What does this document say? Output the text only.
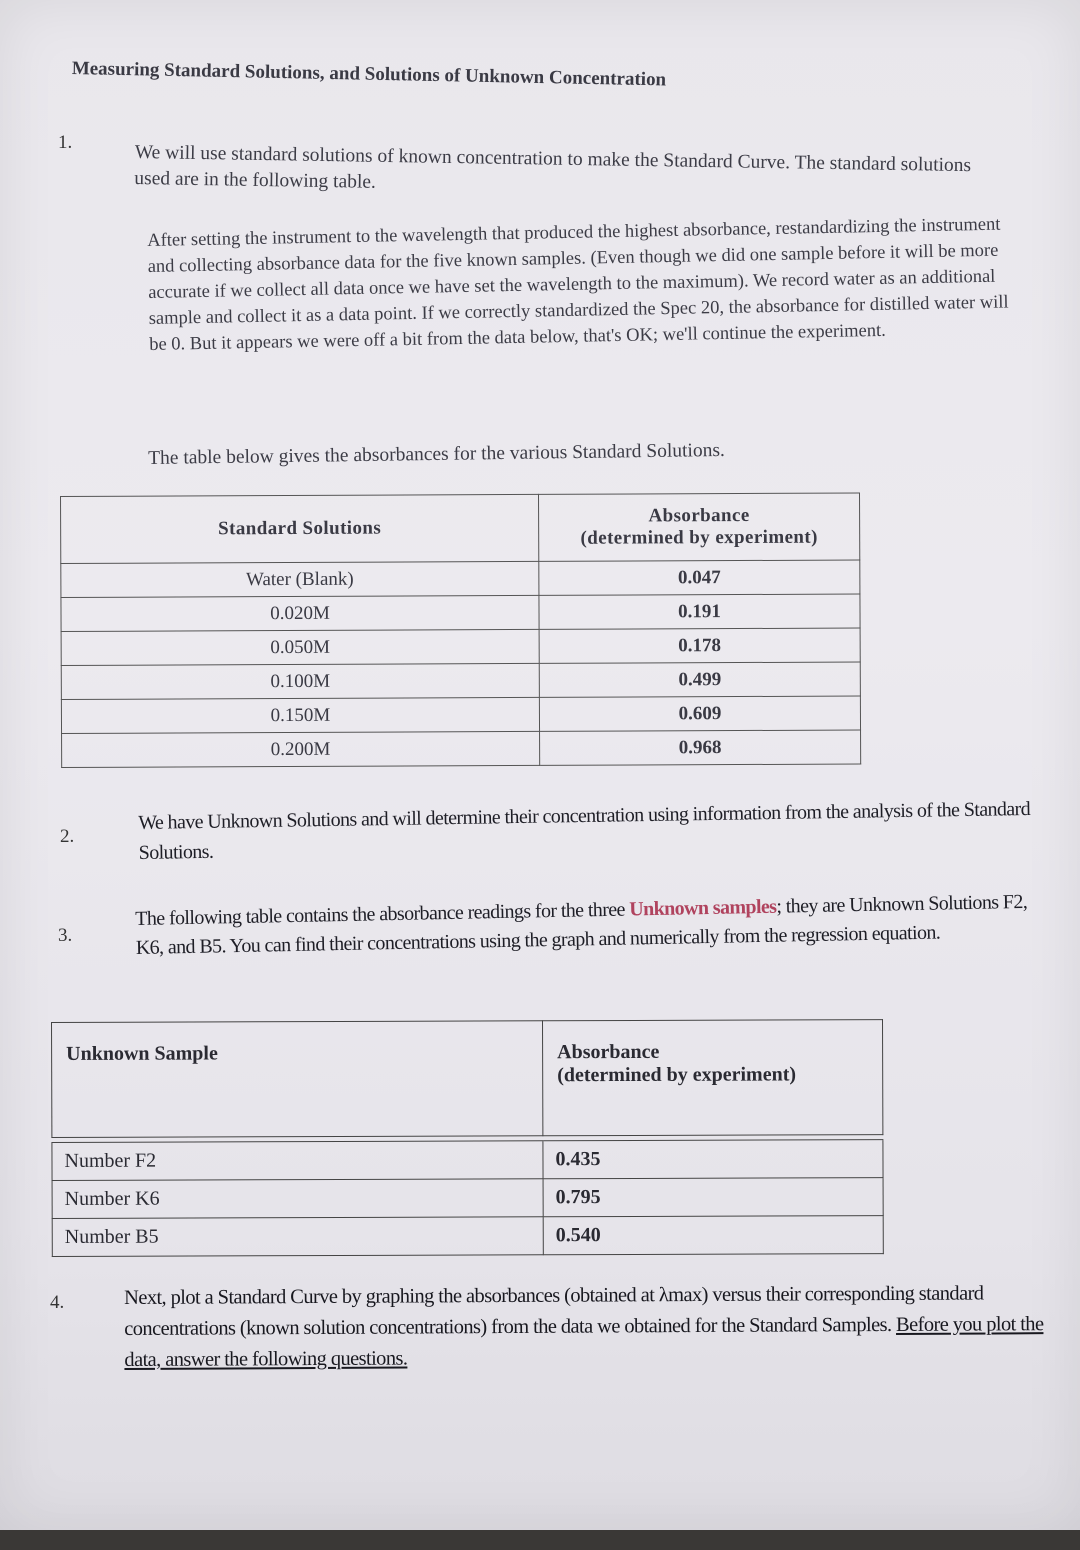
Measuring Standard Solutions, and Solutions of Unknown Concentration
1.	We will use standard solutions of known concentration to make the Standard Curve. The standard solutions used are in the following table.
After setting the instrument to the wavelength that produced the highest absorbance, restandardizing the instrument and collecting absorbance data for the five known samples. (Even though we did one sample before it will be more accurate if we collect all data once we have set the wavelength to the maximum). We record water as an additional sample and collect it as a data point. If we correctly standardized the Spec 20, the absorbance for distilled water will be 0. But it appears we were off a bit from the data below, that's OK; we'll continue the experiment.
The table below gives the absorbances for the various Standard Solutions.
Standard Solutions	Absorbance
(determined by experiment)

Water (Blank)	0.047
0.020M	0.191
0.050M	0.178
0.100M	0.499
0.150M	0.609
0.200M	0.968
2.
We have Unknown Solutions and will determine their concentration using information from the analysis of the Standard Solutions.
3.
The following table contains the absorbance readings for the three Unknown samples; they are Unknown Solutions F2, K6, and B5. You can find their concentrations using the graph and numerically from the regression equation.
Unknown Sample	Absorbance
(determined by experiment)

Number F2	0.435
Number K6	0.795
Number B5	0.540
4.	Next, plot a Standard Curve by graphing the absorbances (obtained at λmax) versus their corresponding standard concentrations (known solution concentrations) from the data we obtained for the Standard Samples. Before you plot the data, answer the following questions.
